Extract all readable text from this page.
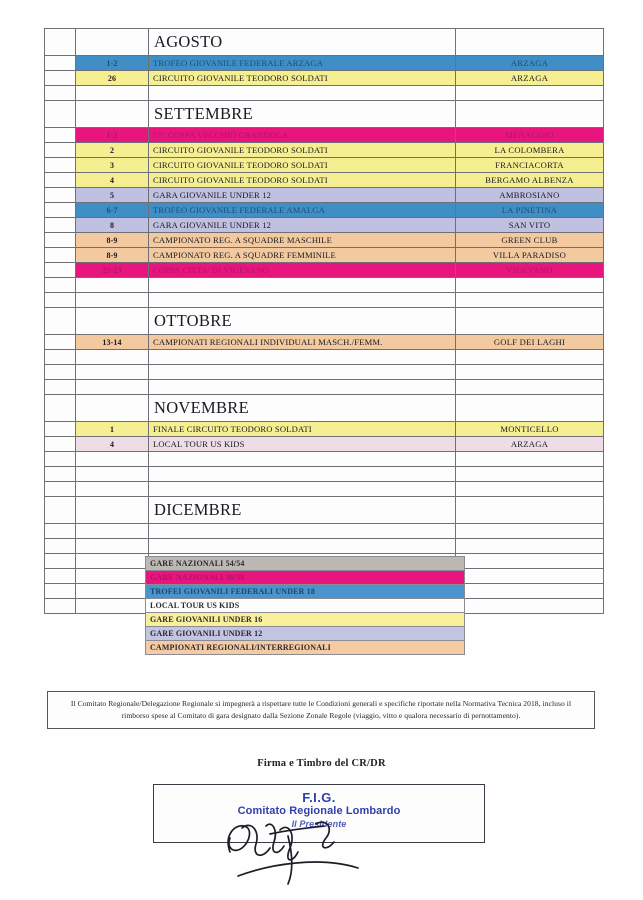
		AGOSTO	
	1-2	TROFEO GIOVANILE FEDERALE ARZAGA	ARZAGA
	26	CIRCUITO GIOVANILE TEODORO SOLDATI	ARZAGA

		SETTEMBRE	
	1-2	57° COPPA VECCHIO GRANDOLA	MENAGGIO
	2	CIRCUITO GIOVANILE TEODORO SOLDATI	LA COLOMBERA
	3	CIRCUITO GIOVANILE TEODORO SOLDATI	FRANCIACORTA
	4	CIRCUITO GIOVANILE TEODORO SOLDATI	BERGAMO ALBENZA
	5	GARA GIOVANILE UNDER 12	AMBROSIANO
	6-7	TROFEO GIOVANILE FEDERALE AMALGA	LA PINETINA
	8	GARA GIOVANILE UNDER 12	SAN VITO
	8-9	CAMPIONATO REG. A SQUADRE MASCHILE	GREEN CLUB
	8-9	CAMPIONATO REG. A SQUADRE FEMMINILE	VILLA PARADISO
	22-23	COPPA CITTA' DI VIGEVANO	VIGEVANO

		OTTOBRE	
	13-14	CAMPIONATI REGIONALI INDIVIDUALI MASCH./FEMM.	GOLF DEI LAGHI

		NOVEMBRE	
	1	FINALE CIRCUITO TEODORO SOLDATI	MONTICELLO
	4	LOCAL TOUR US KIDS	ARZAGA

		DICEMBRE	

GARE NAZIONALI 54/54
GARE NAZIONALI 36/36
TROFEI GIOVANILI FEDERALI UNDER 18
LOCAL TOUR US KIDS
GARE GIOVANILI UNDER 16
GARE GIOVANILI UNDER 12
CAMPIONATI REGIONALI/INTERREGIONALI
Il Comitato Regionale/Delegazione Regionale si impegnerà a rispettare tutte le Condizioni generali e specifiche riportate nella Normativa Tecnica 2018, incluso il rimborso spese al Comitato di gara designato dalla Sezione Zonale Regole (viaggio, vitto e qualora necessario di pernottamento).
Firma e Timbro del CR/DR
F.I.G.
Comitato Regionale Lombardo
Il Presidente
